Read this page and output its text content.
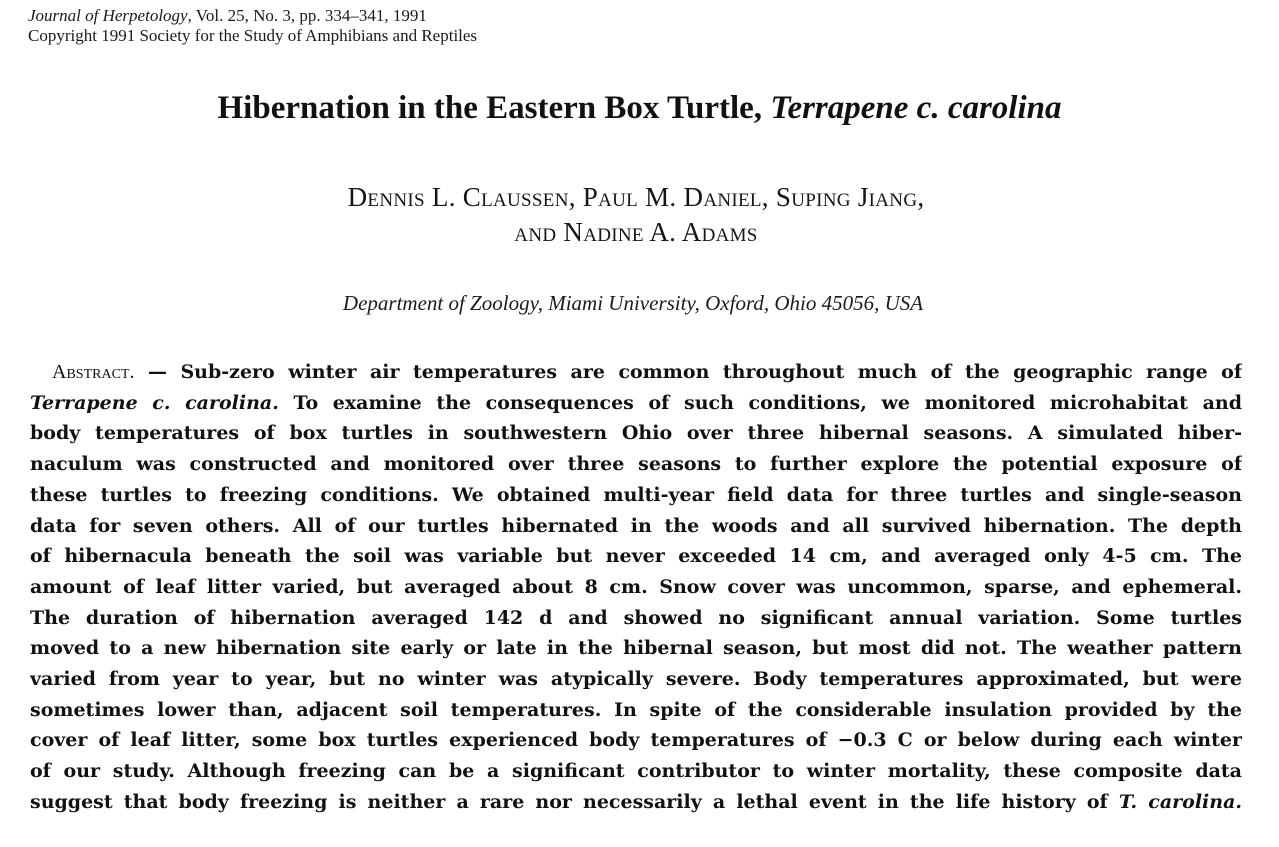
Journal of Herpetology, Vol. 25, No. 3, pp. 334–341, 1991
Copyright 1991 Society for the Study of Amphibians and Reptiles
Hibernation in the Eastern Box Turtle, Terrapene c. carolina
Dennis L. Claussen, Paul M. Daniel, Suping Jiang,
and Nadine A. Adams
Department of Zoology, Miami University, Oxford, Ohio 45056, USA
Abstract. — Sub-zero winter air temperatures are common throughout much of the geographic range of
Terrapene c. carolina. To examine the consequences of such conditions, we monitored microhabitat and
body temperatures of box turtles in southwestern Ohio over three hibernal seasons. A simulated hiber-
naculum was constructed and monitored over three seasons to further explore the potential exposure of
these turtles to freezing conditions. We obtained multi-year field data for three turtles and single-season
data for seven others. All of our turtles hibernated in the woods and all survived hibernation. The depth
of hibernacula beneath the soil was variable but never exceeded 14 cm, and averaged only 4-5 cm. The
amount of leaf litter varied, but averaged about 8 cm. Snow cover was uncommon, sparse, and ephemeral.
The duration of hibernation averaged 142 d and showed no significant annual variation. Some turtles
moved to a new hibernation site early or late in the hibernal season, but most did not. The weather pattern
varied from year to year, but no winter was atypically severe. Body temperatures approximated, but were
sometimes lower than, adjacent soil temperatures. In spite of the considerable insulation provided by the
cover of leaf litter, some box turtles experienced body temperatures of −0.3 C or below during each winter
of our study. Although freezing can be a significant contributor to winter mortality, these composite data
suggest that body freezing is neither a rare nor necessarily a lethal event in the life history of T. carolina.
